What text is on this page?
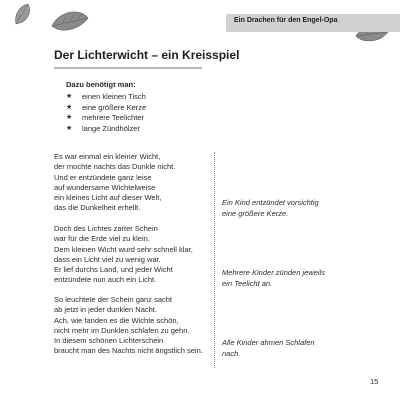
Ein Drachen für den Engel-Opa
Der Lichterwicht – ein Kreisspiel
Dazu benötigt man:
★ einen kleinen Tisch
★ eine größere Kerze
★ mehrere Teelichter
★ lange Zündhölzer
Es war einmal ein kleiner Wicht,
der mochte nachts das Dunkle nicht.
Und er entzündete ganz leise
auf wundersame Wichtelweise
ein kleines Licht auf dieser Welt,
das die Dunkelheit erhellt.
Doch des Lichtes zarter Schein
war für die Erde viel zu klein.
Dem kleinen Wicht wurd sehr schnell klar,
dass ein Licht viel zu wenig war.
Er lief durchs Land, und jeder Wicht
entzündete nun auch ein Licht.
So leuchtete der Schein ganz sacht
ab jetzt in jeder dunklen Nacht.
Ach, wie fanden es die Wichte schön,
nicht mehr im Dunklen schlafen zu gehn.
In diesem schönen Lichterschein
braucht man des Nachts nicht ängstlich sein.
Ein Kind entzündet vorsichtig
eine größere Kerze.
Mehrere Kinder zünden jeweils
ein Teelicht an.
Alle Kinder ahmen Schlafen
nach.
15
